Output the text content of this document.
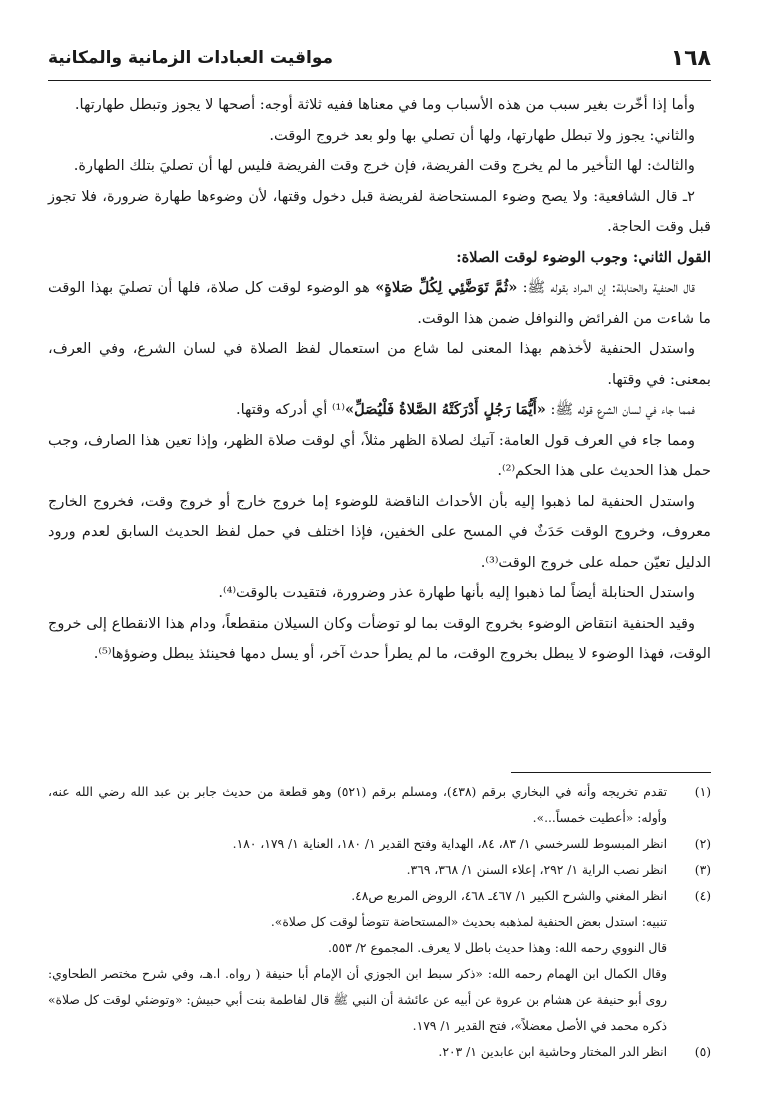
١٦٨
مواقيت العبادات الزمانية والمكانية

وأما إذا أخّرت بغير سبب من هذه الأسباب وما في معناها ففيه ثلاثة أوجه: أصحها لا يجوز وتبطل طهارتها.

والثاني: يجوز ولا تبطل طهارتها، ولها أن تصلي بها ولو بعد خروج الوقت.

والثالث: لها التأخير ما لم يخرج وقت الفريضة، فإن خرج وقت الفريضة فليس لها أن تصليَ بتلك الطهارة.

٢ـ قال الشافعية: ولا يصح وضوء المستحاضة لفريضة قبل دخول وقتها، لأن وضوءها طهارة ضرورة، فلا تجوز قبل وقت الحاجة.

القول الثاني: وجوب الوضوء لوقت الصلاة:

قال الحنفية والحنابلة: إن المراد بقوله ﷺ: «ثُمَّ تَوَضَّئِي لِكُلِّ صَلاةٍ» هو الوضوء لوقت كل صلاة، فلها أن تصليَ بهذا الوقت ما شاءت من الفرائض والنوافل ضمن هذا الوقت.

واستدل الحنفية لأخذهم بهذا المعنى لما شاع من استعمال لفظ الصلاة في لسان الشرع، وفي العرف، بمعنى: في وقتها.

فمما جاء في لسان الشرع قوله ﷺ: «أَيُّمَا رَجُلٍ أَدْرَكَتْهُ الصَّلاةُ فَلْيُصَلِّ»⁽¹⁾ أي أدركه وقتها.

ومما جاء في العرف قول العامة: آتيك لصلاة الظهر مثلاً، أي لوقت صلاة الظهر، وإذا تعين هذا الصارف، وجب حمل هذا الحديث على هذا الحكم⁽²⁾.

واستدل الحنفية لما ذهبوا إليه بأن الأحداث الناقضة للوضوء إما خروج خارج أو خروج وقت، فخروج الخارج معروف، وخروج الوقت حَدَثٌ في المسح على الخفين، فإذا اختلف في حمل لفظ الحديث السابق لعدم ورود الدليل تعيّن حمله على خروج الوقت⁽³⁾.

واستدل الحنابلة أيضاً لما ذهبوا إليه بأنها طهارة عذر وضرورة، فتقيدت بالوقت⁽⁴⁾.

وقيد الحنفية انتقاض الوضوء بخروج الوقت بما لو توضأت وكان السيلان منقطعاً، ودام هذا الانقطاع إلى خروج الوقت، فهذا الوضوء لا يبطل بخروج الوقت، ما لم يطرأ حدث آخر، أو يسل دمها فحينئذ يبطل وضوؤها⁽⁵⁾.

(١)
تقدم تخريجه وأنه في البخاري برقم (٤٣٨)، ومسلم برقم (٥٢١) وهو قطعة من حديث جابر بن عبد الله رضي الله عنه، وأوله: «أعطيت خمساً...».
(٢)
انظر المبسوط للسرخسي ١/ ٨٣، ٨٤، الهداية وفتح القدير ١/ ١٨٠، العناية ١/ ١٧٩، ١٨٠.
(٣)
انظر نصب الراية ١/ ٢٩٢، إعلاء السنن ١/ ٣٦٨، ٣٦٩.
(٤)
انظر المغني والشرح الكبير ١/ ٤٦٧ـ ٤٦٨، الروض المربع ص٤٨.
تنبيه: استدل بعض الحنفية لمذهبه بحديث «المستحاضة تتوضأ لوقت كل صلاة».
قال النووي رحمه الله: وهذا حديث باطل لا يعرف. المجموع ٢/ ٥٥٣.
وقال الكمال ابن الهمام رحمه الله: «ذكر سبط ابن الجوزي أن الإمام أبا حنيفة ( رواه. ا.هـ، وفي شرح مختصر الطحاوي: روى أبو حنيفة عن هشام بن عروة عن أبيه عن عائشة أن النبي ﷺ قال لفاطمة بنت أبي حبيش: «وتوضئي لوقت كل صلاة» ذكره محمد في الأصل معضلاً»، فتح القدير ١/ ١٧٩.
(٥)
انظر الدر المختار وحاشية ابن عابدين ١/ ٢٠٣.
